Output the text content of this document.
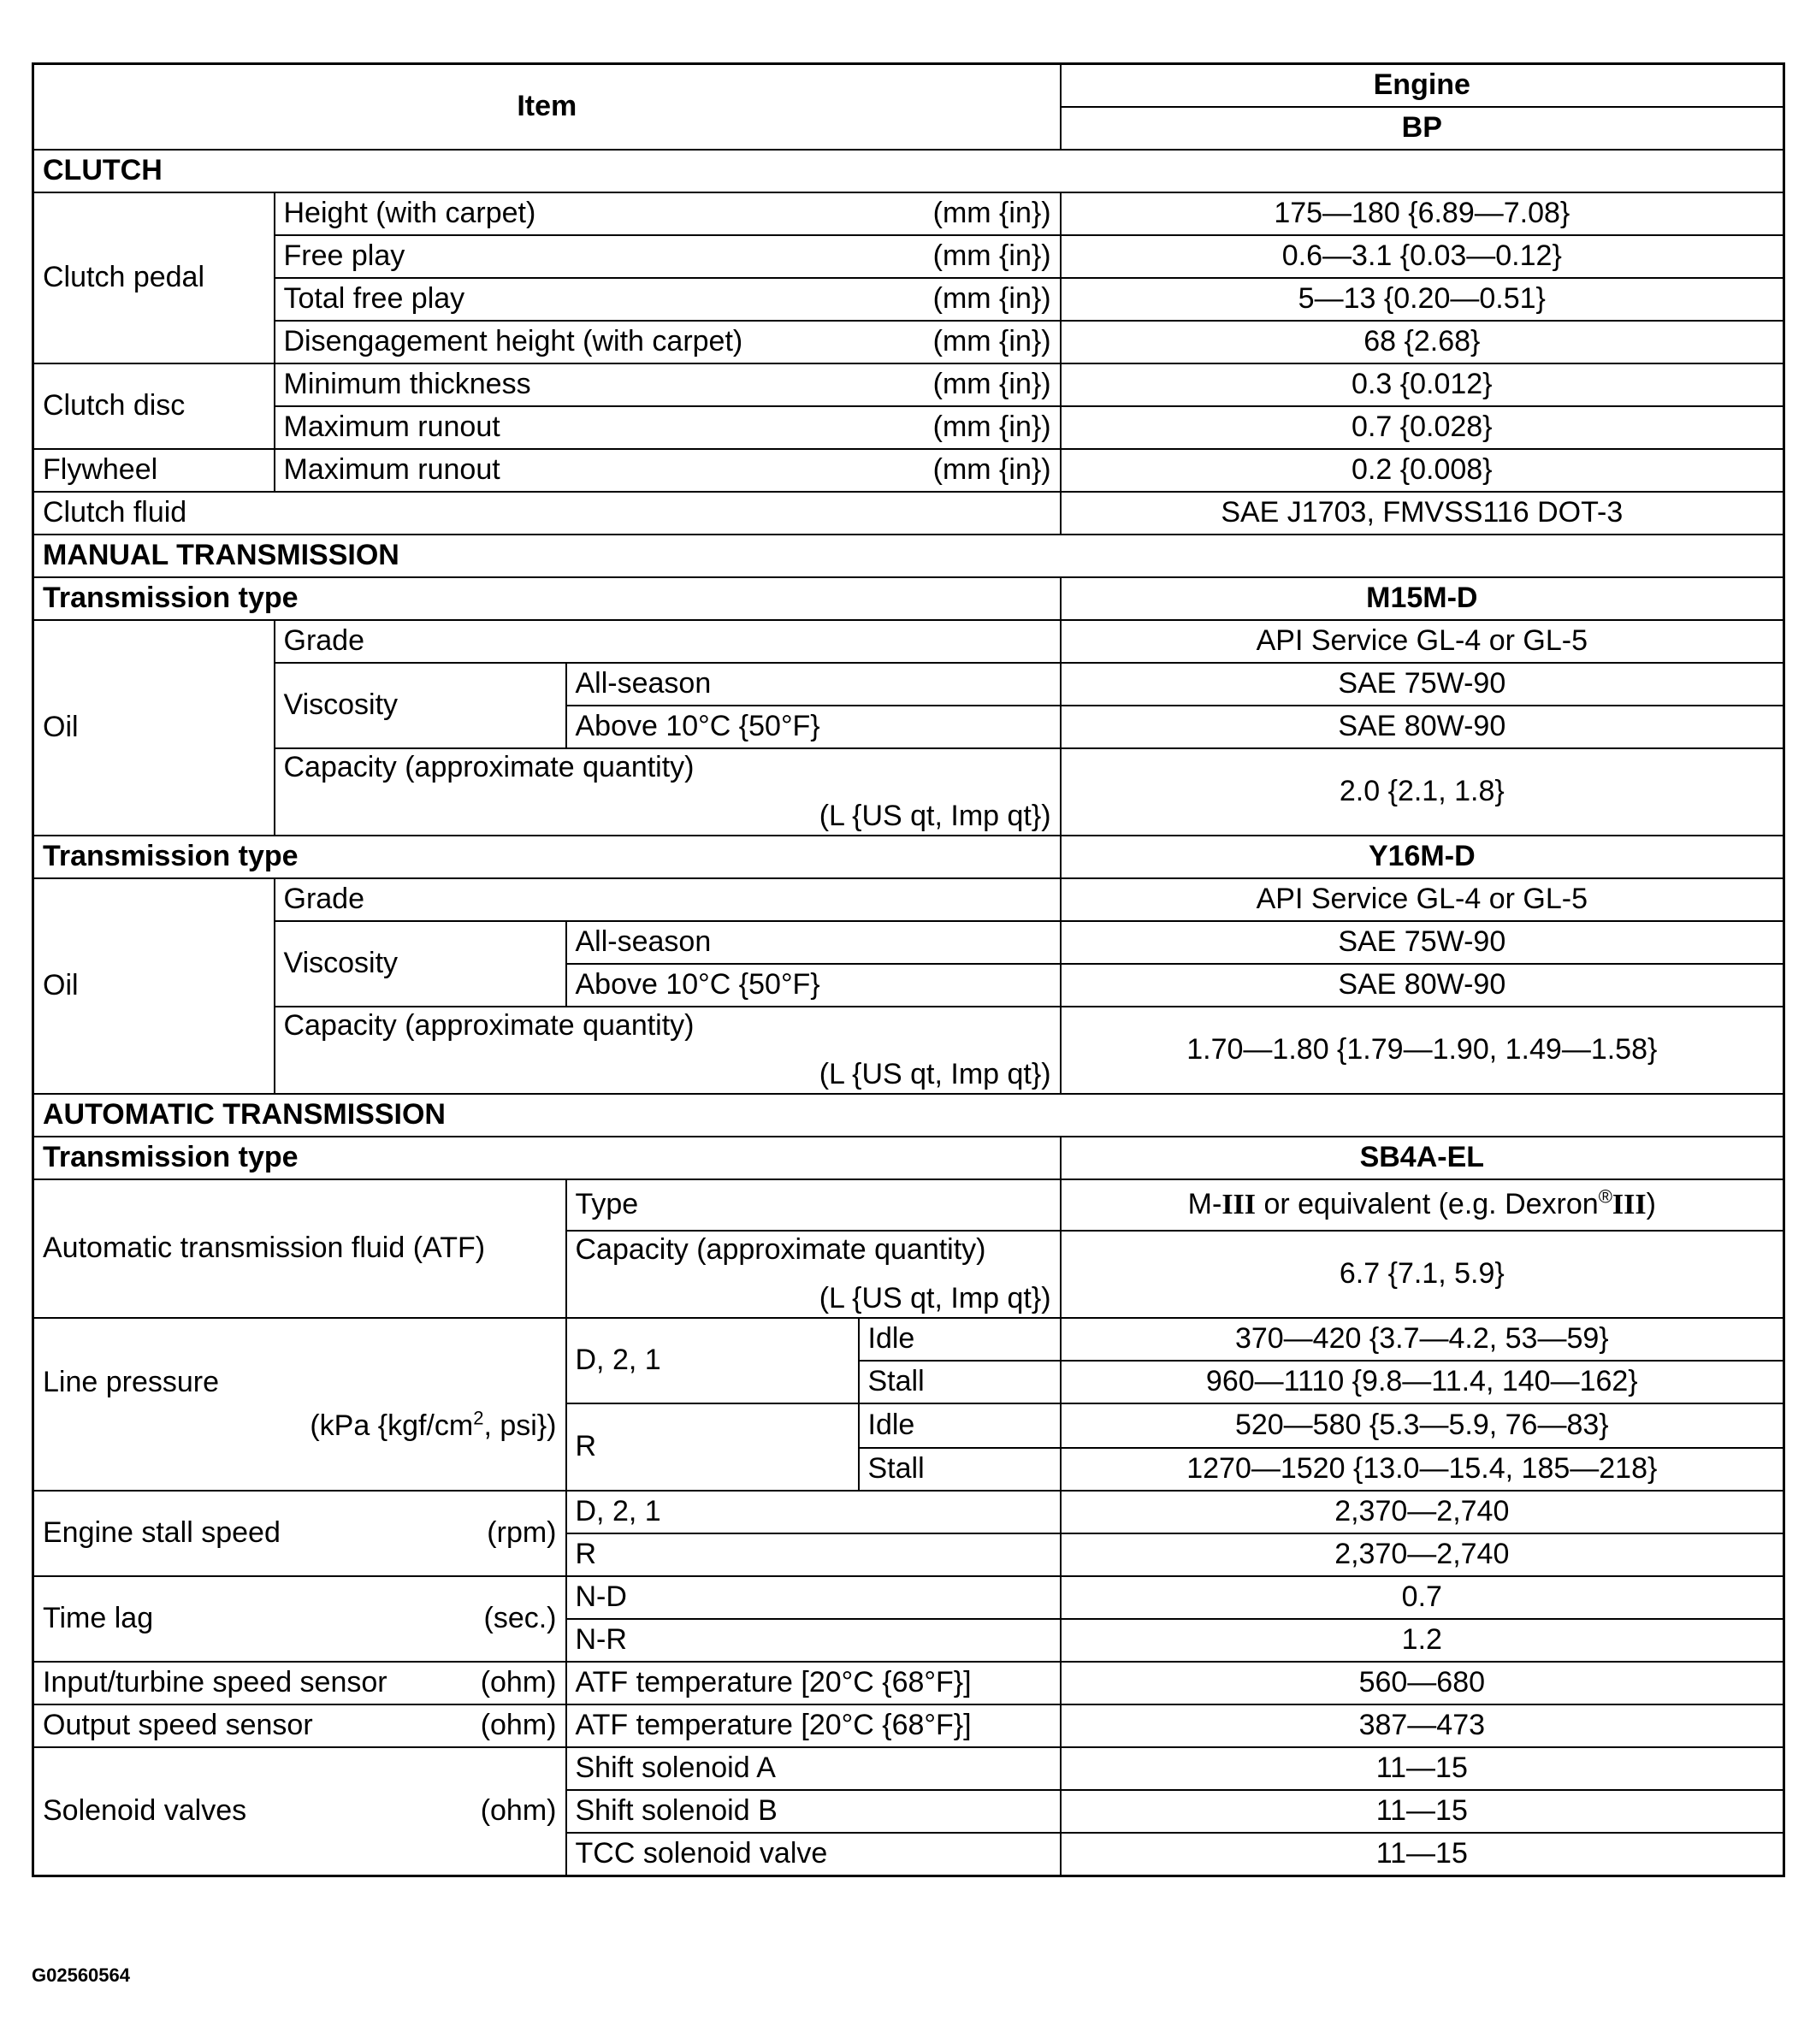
Item				Engine
				BP
CLUTCH				
Clutch pedal	Height (with carpet) (mm {in})			175—180 {6.89—7.08}

	Free play (mm {in})			0.6—3.1 {0.03—0.12}

	Total free play (mm {in})			5—13 {0.20—0.51}

	Disengagement height (with carpet) (mm {in})			68 {2.68}
Clutch disc	Minimum thickness (mm {in})			0.3 {0.012}

	Maximum runout (mm {in})			0.7 {0.028}
Flywheel	Maximum runout (mm {in})			0.2 {0.008}
Clutch fluid				SAE J1703, FMVSS116 DOT-3
MANUAL TRANSMISSION				
Transmission type				M15M-D
Oil	Grade			API Service GL-4 or GL-5
	Viscosity	All-season		SAE 75W-90
		Above 10°C {50°F}		SAE 80W-90

	Capacity (approximate quantity)
(L {US qt, Imp qt})			2.0 {2.1, 1.8}
Transmission type				Y16M-D
Oil	Grade			API Service GL-4 or GL-5
	Viscosity	All-season		SAE 75W-90
		Above 10°C {50°F}		SAE 80W-90

	Capacity (approximate quantity)
(L {US qt, Imp qt})			1.70—1.80 {1.79—1.90, 1.49—1.58}
AUTOMATIC TRANSMISSION				
Transmission type				SB4A-EL
Automatic transmission fluid (ATF)		Type		M-III or equivalent (e.g. Dexron®III)

		Capacity (approximate quantity)
(L {US qt, Imp qt})		6.7 {7.1, 5.9}

Line pressure
(kPa {$kgf/cm^2$, psi})		D, 2, 1	Idle	370—420 {3.7—4.2, 53—59}
			Stall	960—1110 {9.8—11.4, 140—162}
		R	Idle	520—580 {5.3—5.9, 76—83}
			Stall	1270—1520 {13.0—15.4, 185—218}

Engine stall speed (rpm)		D, 2, 1		2,370—2,740
		R		2,370—2,740

Time lag (sec.)		N-D		0.7
		N-R		1.2

Input/turbine speed sensor (ohm)		ATF temperature [20°C {68°F}]		560—680

Output speed sensor (ohm)		ATF temperature [20°C {68°F}]		387—473

Solenoid valves (ohm)		Shift solenoid A		11—15
		Shift solenoid B		11—15
		TCC solenoid valve		11—15
G02560564
